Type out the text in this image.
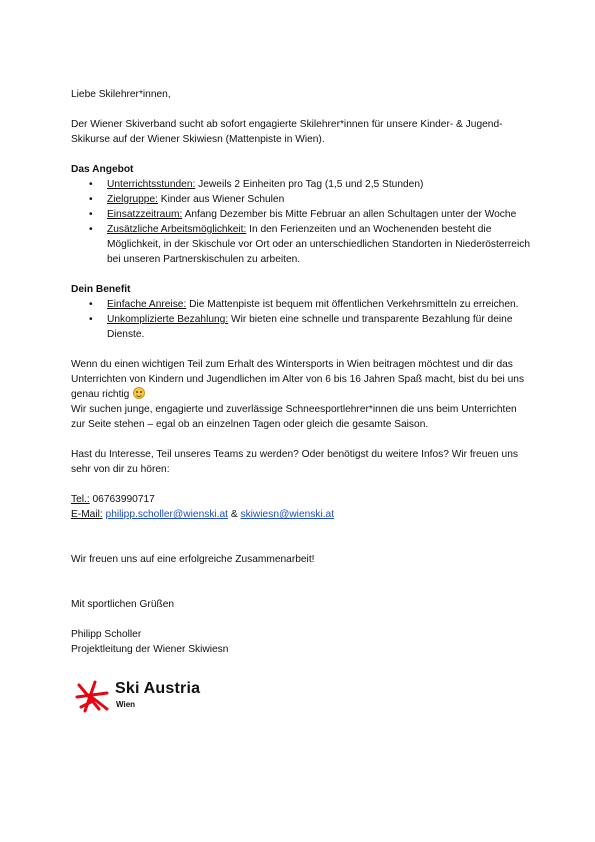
Liebe Skilehrer*innen,

Der Wiener Skiverband sucht ab sofort engagierte Skilehrer*innen für unsere Kinder- & Jugend-Skikurse auf der Wiener Skiwiesn (Mattenpiste in Wien).

Das Angebot

• Unterrichtsstunden: Jeweils 2 Einheiten pro Tag (1,5 und 2,5 Stunden)
• Zielgruppe: Kinder aus Wiener Schulen
• Einsatzzeitraum: Anfang Dezember bis Mitte Februar an allen Schultagen unter der Woche
• Zusätzliche Arbeitsmöglichkeit: In den Ferienzeiten und an Wochenenden besteht die Möglichkeit, in der Skischule vor Ort oder an unterschiedlichen Standorten in Niederösterreich bei unseren Partnerskischulen zu arbeiten.

Dein Benefit

• Einfache Anreise: Die Mattenpiste ist bequem mit öffentlichen Verkehrsmitteln zu erreichen.
• Unkomplizierte Bezahlung: Wir bieten eine schnelle und transparente Bezahlung für deine Dienste.

Wenn du einen wichtigen Teil zum Erhalt des Wintersports in Wien beitragen möchtest und dir das Unterrichten von Kindern und Jugendlichen im Alter von 6 bis 16 Jahren Spaß macht, bist du bei uns genau richtig

Wir suchen junge, engagierte und zuverlässige Schneesportlehrer*innen die uns beim Unterrichten zur Seite stehen – egal ob an einzelnen Tagen oder gleich die gesamte Saison.

Hast du Interesse, Teil unseres Teams zu werden? Oder benötigst du weitere Infos? Wir freuen uns sehr von dir zu hören:

Tel.: 06763990717

E-Mail: philipp.scholler@wienski.at & skiwiesn@wienski.at

Wir freuen uns auf eine erfolgreiche Zusammenarbeit!

Mit sportlichen Grüßen

Philipp Scholler

Projektleitung der Wiener Skiwiesn

Ski Austria
Wien
